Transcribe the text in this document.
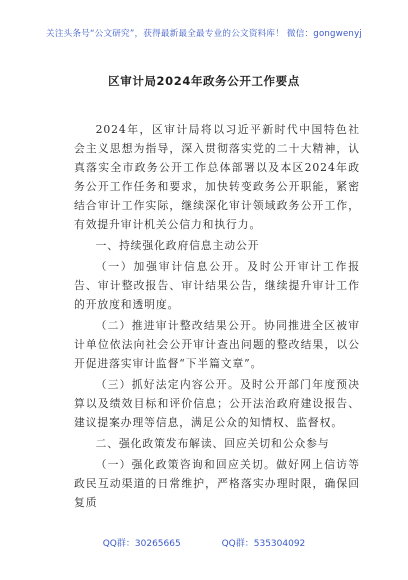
关注头条号“公文研究”，获得最新最全最专业的公文资料库！ 微信：gongwenyj
区审计局2024年政务公开工作要点

2024年，区审计局将以习近平新时代中国特色社会主义思想为指导，深入贯彻落实党的二十大精神，认真落实全市政务公开工作总体部署以及本区2024年政务公开工作任务和要求，加快转变政务公开职能，紧密结合审计工作实际，继续深化审计领域政务公开工作，有效提升审计机关公信力和执行力。

一、持续强化政府信息主动公开

（一）加强审计信息公开。及时公开审计工作报告、审计整改报告、审计结果公告，继续提升审计工作的开放度和透明度。

（二）推进审计整改结果公开。协同推进全区被审计单位依法向社会公开审计查出问题的整改结果，以公开促进落实审计监督“下半篇文章”。

（三）抓好法定内容公开。及时公开部门年度预决算以及绩效目标和评价信息；公开法治政府建设报告、建议提案办理等信息，满足公众的知情权、监督权。

二、强化政策发布解读、回应关切和公众参与

（一）强化政策咨询和回应关切。做好网上信访等政民互动渠道的日常维护，严格落实办理时限，确保回复质

QQ群：30265665	QQ群：535304092
